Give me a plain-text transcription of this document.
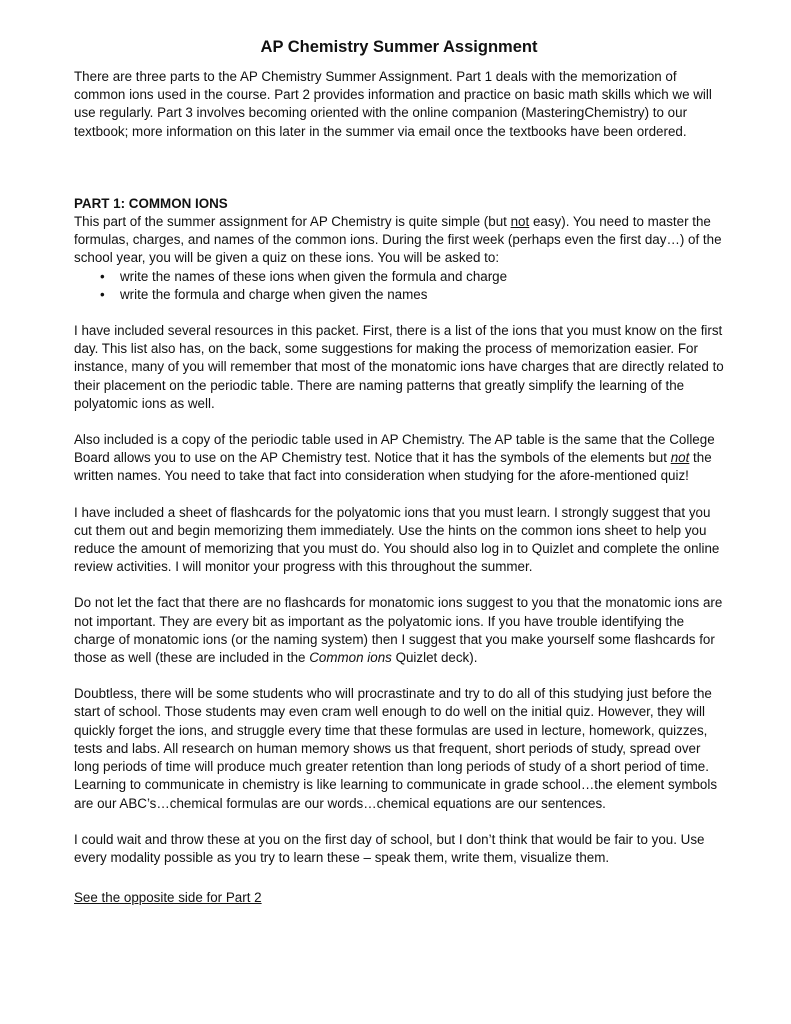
AP Chemistry Summer Assignment

There are three parts to the AP Chemistry Summer Assignment. Part 1 deals with the memorization of common ions used in the course. Part 2 provides information and practice on basic math skills which we will use regularly. Part 3 involves becoming oriented with the online companion (MasteringChemistry) to our textbook; more information on this later in the summer via email once the textbooks have been ordered.

PART 1: COMMON IONS

This part of the summer assignment for AP Chemistry is quite simple (but not easy). You need to master the formulas, charges, and names of the common ions. During the first week (perhaps even the first day…) of the school year, you will be given a quiz on these ions. You will be asked to:

• write the names of these ions when given the formula and charge
• write the formula and charge when given the names

I have included several resources in this packet. First, there is a list of the ions that you must know on the first day. This list also has, on the back, some suggestions for making the process of memorization easier. For instance, many of you will remember that most of the monatomic ions have charges that are directly related to their placement on the periodic table. There are naming patterns that greatly simplify the learning of the polyatomic ions as well.

Also included is a copy of the periodic table used in AP Chemistry. The AP table is the same that the College Board allows you to use on the AP Chemistry test. Notice that it has the symbols of the elements but not the written names. You need to take that fact into consideration when studying for the afore-mentioned quiz!

I have included a sheet of flashcards for the polyatomic ions that you must learn. I strongly suggest that you cut them out and begin memorizing them immediately. Use the hints on the common ions sheet to help you reduce the amount of memorizing that you must do. You should also log in to Quizlet and complete the online review activities. I will monitor your progress with this throughout the summer.

Do not let the fact that there are no flashcards for monatomic ions suggest to you that the monatomic ions are not important. They are every bit as important as the polyatomic ions. If you have trouble identifying the charge of monatomic ions (or the naming system) then I suggest that you make yourself some flashcards for those as well (these are included in the Common ions Quizlet deck).

Doubtless, there will be some students who will procrastinate and try to do all of this studying just before the start of school. Those students may even cram well enough to do well on the initial quiz. However, they will quickly forget the ions, and struggle every time that these formulas are used in lecture, homework, quizzes, tests and labs. All research on human memory shows us that frequent, short periods of study, spread over long periods of time will produce much greater retention than long periods of study of a short period of time. Learning to communicate in chemistry is like learning to communicate in grade school…the element symbols are our ABC’s…chemical formulas are our words…chemical equations are our sentences.

I could wait and throw these at you on the first day of school, but I don’t think that would be fair to you. Use every modality possible as you try to learn these – speak them, write them, visualize them.

See the opposite side for Part 2
